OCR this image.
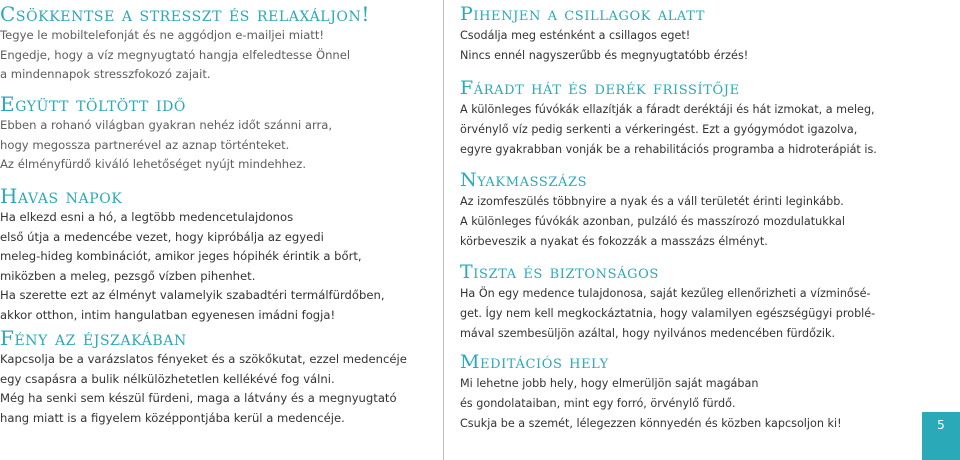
Csökkentse a stresszt és relaxáljon!

Tegye le mobiltelefonját és ne aggódjon e-mailjei miatt!

Engedje, hogy a víz megnyugtató hangja elfeledtesse Önnel

a mindennapok stresszfokozó zajait.

Együtt töltött idő

Ebben a rohanó világban gyakran nehéz időt szánni arra,

hogy megossza partnerével az aznap történteket.

Az élményfürdő kiváló lehetőséget nyújt mindehhez.

Havas napok

Ha elkezd esni a hó, a legtöbb medencetulajdonos

első útja a medencébe vezet, hogy kipróbálja az egyedi

meleg-hideg kombinációt, amikor jeges hópihék érintik a bőrt,

miközben a meleg, pezsgő vízben pihenhet.

Ha szerette ezt az élményt valamelyik szabadtéri termálfürdőben,

akkor otthon, intim hangulatban egyenesen imádni fogja!

Fény az éjszakában

Kapcsolja be a varázslatos fényeket és a szökőkutat, ezzel medencéje

egy csapásra a bulik nélkülözhetetlen kellékévé fog válni.

Még ha senki sem készül fürdeni, maga a látvány és a megnyugtató

hang miatt is a figyelem középpontjába kerül a medencéje.

Pihenjen a csillagok alatt

Csodálja meg esténként a csillagos eget!

Nincs ennél nagyszerűbb és megnyugtatóbb érzés!

Fáradt hát és derék frissítője

A különleges fúvókák ellazítják a fáradt deréktáji és hát izmokat, a meleg,

örvénylő víz pedig serkenti a vérkeringést. Ezt a gyógymódot igazolva,

egyre gyakrabban vonják be a rehabilitációs programba a hidroterápiát is.

Nyakmasszázs

Az izomfeszülés többnyire a nyak és a váll területét érinti leginkább.

A különleges fúvókák azonban, pulzáló és masszírozó mozdulatukkal

körbeveszik a nyakat és fokozzák a masszázs élményt.

Tiszta és biztonságos

Ha Ön egy medence tulajdonosa, saját kezűleg ellenőrizheti a vízminősé-

get. Így nem kell megkockáztatnia, hogy valamilyen egészségügyi problé-

mával szembesüljön azáltal, hogy nyilvános medencében fürdőzik.

Meditációs hely

Mi lehetne jobb hely, hogy elmerüljön saját magában

és gondolataiban, mint egy forró, örvénylő fürdő.

Csukja be a szemét, lélegezzen könnyedén és közben kapcsoljon ki!	5
